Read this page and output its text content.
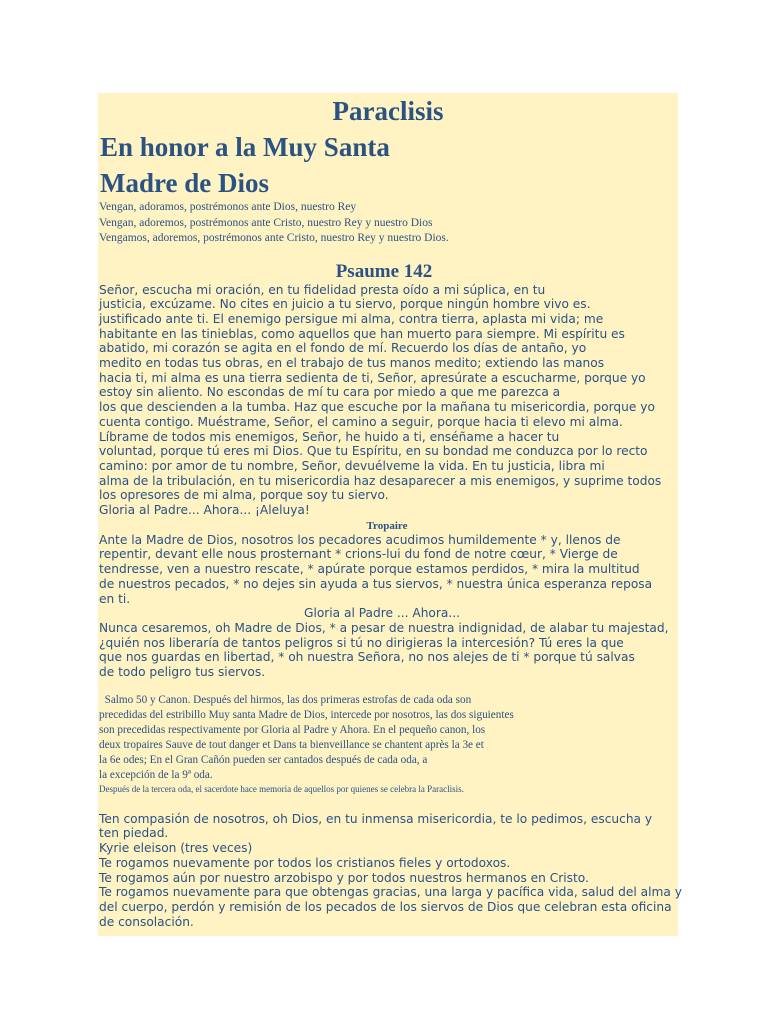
Paraclisis
En honor a la Muy Santa
Madre de Dios
Vengan, adoramos, postrémonos ante Dios, nuestro Rey
Vengan, adoremos, postrémonos ante Cristo, nuestro Rey y nuestro Dios
Vengamos, adoremos, postrémonos ante Cristo, nuestro Rey y nuestro Dios.
Psaume 142
Señor, escucha mi oración, en tu fidelidad presta oído a mi súplica, en tu
justicia, excúzame. No cites en juicio a tu siervo, porque ningún hombre vivo es.
justificado ante ti. El enemigo persigue mi alma, contra tierra, aplasta mi vida; me
habitante en las tinieblas, como aquellos que han muerto para siempre. Mi espíritu es
abatido, mi corazón se agita en el fondo de mí. Recuerdo los días de antaño, yo
medito en todas tus obras, en el trabajo de tus manos medito; extiendo las manos
hacia ti, mi alma es una tierra sedienta de ti, Señor, apresúrate a escucharme, porque yo
estoy sin aliento. No escondas de mí tu cara por miedo a que me parezca a
los que descienden a la tumba. Haz que escuche por la mañana tu misericordia, porque yo
cuenta contigo. Muéstrame, Señor, el camino a seguir, porque hacia ti elevo mi alma.
Líbrame de todos mis enemigos, Señor, he huido a ti, enséñame a hacer tu
voluntad, porque tú eres mi Dios. Que tu Espíritu, en su bondad me conduzca por lo recto
camino: por amor de tu nombre, Señor, devuélveme la vida. En tu justicia, libra mi
alma de la tribulación, en tu misericordia haz desaparecer a mis enemigos, y suprime todos
los opresores de mi alma, porque soy tu siervo.
Gloria al Padre... Ahora... ¡Aleluya!
Tropaire
Ante la Madre de Dios, nosotros los pecadores acudimos humildemente * y, llenos de
repentir, devant elle nous prosternant * crions-lui du fond de notre cœur, * Vierge de
tendresse, ven a nuestro rescate, * apúrate porque estamos perdidos, * mira la multitud
de nuestros pecados, * no dejes sin ayuda a tus siervos, * nuestra única esperanza reposa
en ti.
Gloria al Padre ... Ahora...
Nunca cesaremos, oh Madre de Dios, * a pesar de nuestra indignidad, de alabar tu majestad,
¿quién nos liberaría de tantos peligros si tú no dirigieras la intercesión? Tú eres la que
que nos guardas en libertad, * oh nuestra Señora, no nos alejes de ti * porque tú salvas
de todo peligro tus siervos.
Salmo 50 y Canon. Después del hirmos, las dos primeras estrofas de cada oda son
precedidas del estribillo Muy santa Madre de Dios, intercede por nosotros, las dos siguientes
son precedidas respectivamente por Gloria al Padre y Ahora. En el pequeño canon, los
deux tropaires Sauve de tout danger et Dans ta bienveillance se chantent après la 3e et
la 6e odes; En el Gran Cañón pueden ser cantados después de cada oda, a
la excepción de la 9ª oda.
Después de la tercera oda, el sacerdote hace memoria de aquellos por quienes se celebra la Paraclisis.
Ten compasión de nosotros, oh Dios, en tu inmensa misericordia, te lo pedimos, escucha y
ten piedad.
Kyrie eleison (tres veces)
Te rogamos nuevamente por todos los cristianos fieles y ortodoxos.
Te rogamos aún por nuestro arzobispo y por todos nuestros hermanos en Cristo.
Te rogamos nuevamente para que obtengas gracias, una larga y pacífica vida, salud del alma y
del cuerpo, perdón y remisión de los pecados de los siervos de Dios que celebran esta oficina
de consolación.
